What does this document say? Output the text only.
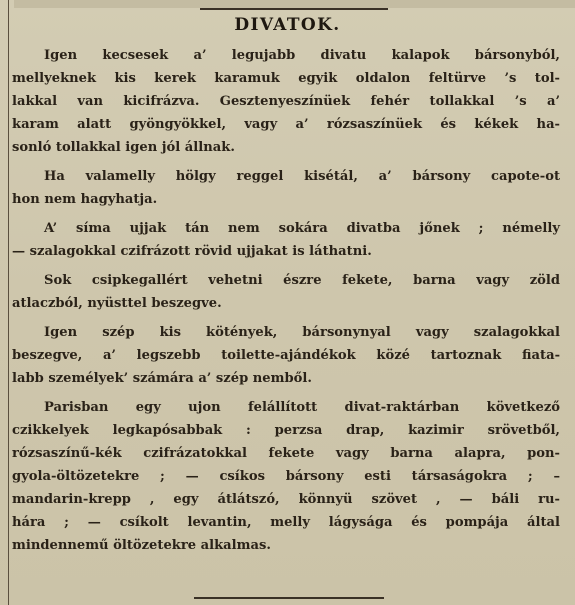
DIVATOK.
Igen kecsesek a’ legujabb divatu kalapok bársonyból,
mellyeknek kis kerek karamuk egyik oldalon feltürve ’s tol-
lakkal van kicifrázva. Gesztenyeszínüek fehér tollakkal ’s a’
karam alatt gyöngyökkel, vagy a’ rózsaszínüek és kékek ha-
sonló tollakkal igen jól állnak.
Ha valamelly hölgy reggel kisétál, a’ bársony capote-ot
hon nem hagyhatja.
A’ síma ujjak tán nem sokára divatba jőnek ; némelly
— szalagokkal czifrázott rövid ujjakat is láthatni.
Sok csipkegallért vehetni észre fekete, barna vagy zöld
atlaczból, nyüsttel beszegve.
Igen szép kis kötények, bársonynyal vagy szalagokkal
beszegve, a’ legszebb toilette-ajándékok közé tartoznak fiata-
labb személyek’ számára a’ szép nemből.
Parisban egy ujon felállított divat-raktárban következő
czikkelyek legkapósabbak : perzsa drap, kazimir srövetből,
rózsaszínű-kék czifrázatokkal fekete vagy barna alapra, pon-
gyola-öltözetekre ; — csíkos bársony esti társaságokra ; –
mandarin-krepp , egy átlátszó, könnyü szövet , — báli ru-
hára ; — csíkolt levantin, melly lágysága és pompája által
mindennemű öltözetekre alkalmas.
